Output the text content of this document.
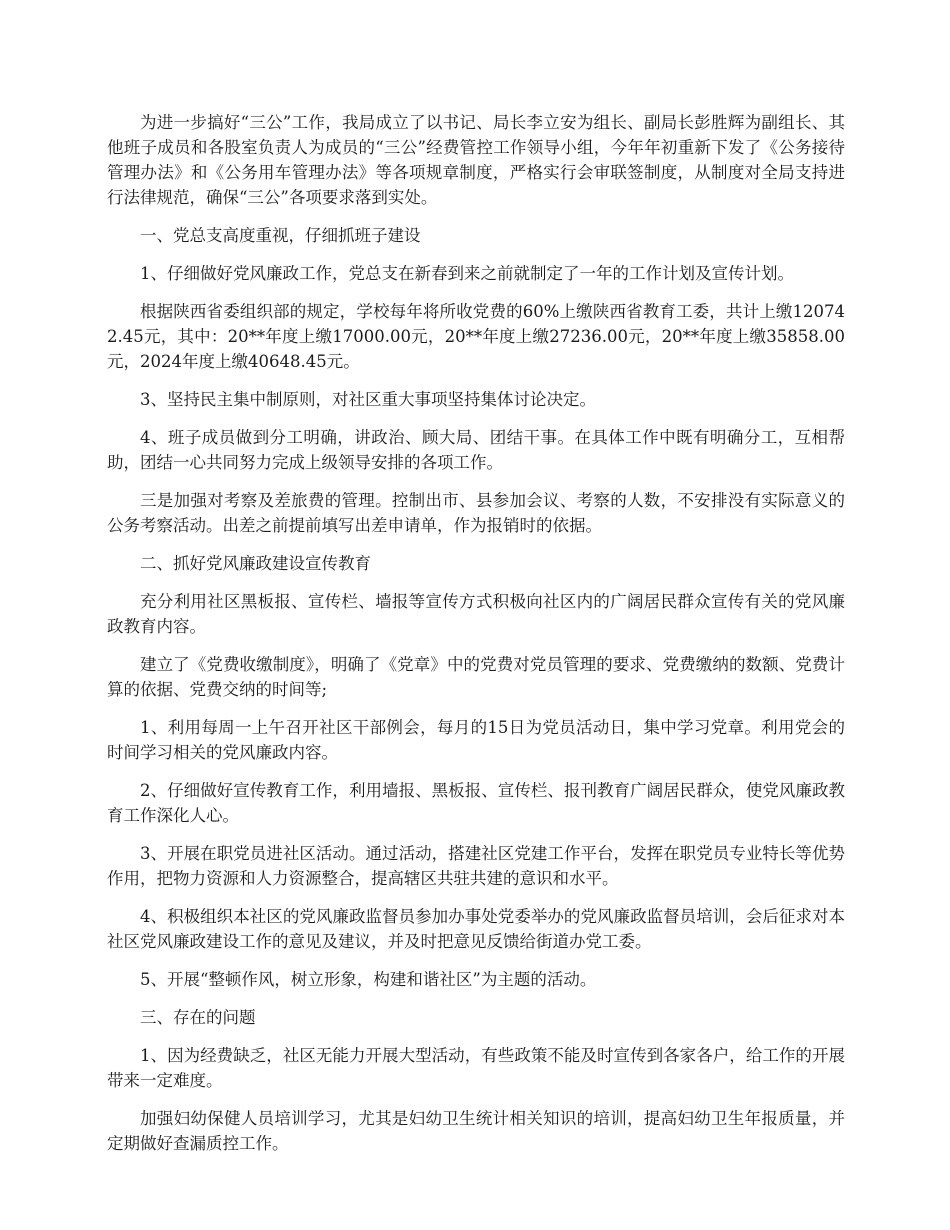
为进一步搞好“三公”工作，我局成立了以书记、局长李立安为组长、副局长彭胜辉为副组长、其他班子成员和各股室负责人为成员的“三公”经费管控工作领导小组，今年年初重新下发了《公务接待管理办法》和《公务用车管理办法》等各项规章制度，严格实行会审联签制度，从制度对全局支持进行法律规范，确保“三公”各项要求落到实处。

一、党总支高度重视，仔细抓班子建设

1、仔细做好党风廉政工作，党总支在新春到来之前就制定了一年的工作计划及宣传计划。

根据陕西省委组织部的规定，学校每年将所收党费的60%上缴陕西省教育工委，共计上缴120742.45元，其中：20**年度上缴17000.00元，20**年度上缴27236.00元，20**年度上缴35858.00元，2024年度上缴40648.45元。

3、坚持民主集中制原则，对社区重大事项坚持集体讨论决定。

4、班子成员做到分工明确，讲政治、顾大局、团结干事。在具体工作中既有明确分工，互相帮助，团结一心共同努力完成上级领导安排的各项工作。

三是加强对考察及差旅费的管理。控制出市、县参加会议、考察的人数，不安排没有实际意义的公务考察活动。出差之前提前填写出差申请单，作为报销时的依据。

二、抓好党风廉政建设宣传教育

充分利用社区黑板报、宣传栏、墙报等宣传方式积极向社区内的广阔居民群众宣传有关的党风廉政教育内容。

建立了《党费收缴制度》，明确了《党章》中的党费对党员管理的要求、党费缴纳的数额、党费计算的依据、党费交纳的时间等;

1、利用每周一上午召开社区干部例会，每月的15日为党员活动日，集中学习党章。利用党会的时间学习相关的党风廉政内容。

2、仔细做好宣传教育工作，利用墙报、黑板报、宣传栏、报刊教育广阔居民群众，使党风廉政教育工作深化人心。

3、开展在职党员进社区活动。通过活动，搭建社区党建工作平台，发挥在职党员专业特长等优势作用，把物力资源和人力资源整合，提高辖区共驻共建的意识和水平。

4、积极组织本社区的党风廉政监督员参加办事处党委举办的党风廉政监督员培训，会后征求对本社区党风廉政建设工作的意见及建议，并及时把意见反馈给街道办党工委。

5、开展“整顿作风，树立形象，构建和谐社区”为主题的活动。

三、存在的问题

1、因为经费缺乏，社区无能力开展大型活动，有些政策不能及时宣传到各家各户，给工作的开展带来一定难度。

加强妇幼保健人员培训学习，尤其是妇幼卫生统计相关知识的培训，提高妇幼卫生年报质量，并定期做好查漏质控工作。
